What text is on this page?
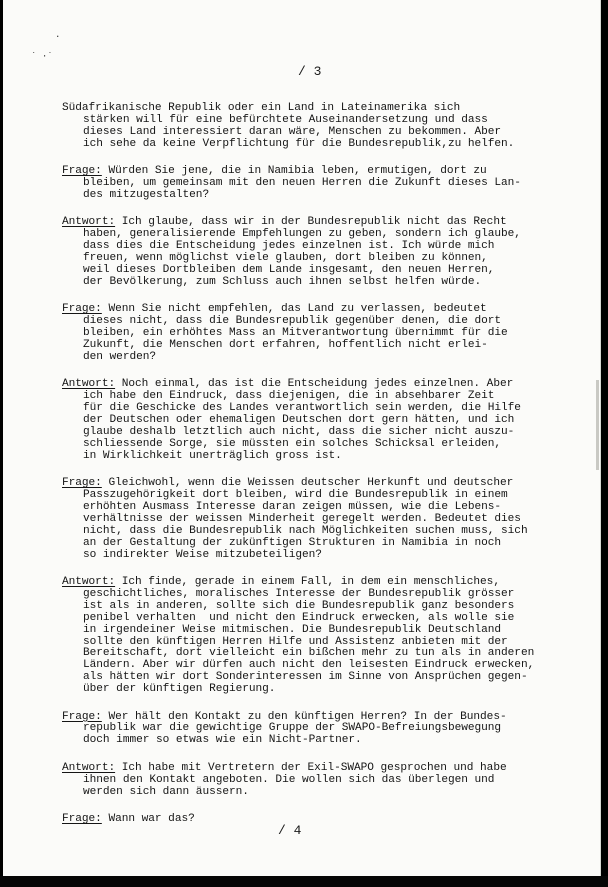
.
˙ ·˙
/ 3
Südafrikanische Republik oder ein Land in Lateinamerika sich
stärken will für eine befürchtete Auseinandersetzung und dass
dieses Land interessiert daran wäre, Menschen zu bekommen. Aber
ich sehe da keine Verpflichtung für die Bundesrepublik,zu helfen.
Frage: Würden Sie jene, die in Namibia leben, ermutigen, dort zu
bleiben, um gemeinsam mit den neuen Herren die Zukunft dieses Lan-
des mitzugestalten?
Antwort: Ich glaube, dass wir in der Bundesrepublik nicht das Recht
haben, generalisierende Empfehlungen zu geben, sondern ich glaube,
dass dies die Entscheidung jedes einzelnen ist. Ich würde mich
freuen, wenn möglichst viele glauben, dort bleiben zu können,
weil dieses Dortbleiben dem Lande insgesamt, den neuen Herren,
der Bevölkerung, zum Schluss auch ihnen selbst helfen würde.
Frage: Wenn Sie nicht empfehlen, das Land zu verlassen, bedeutet
dieses nicht, dass die Bundesrepublik gegenüber denen, die dort
bleiben, ein erhöhtes Mass an Mitverantwortung übernimmt für die
Zukunft, die Menschen dort erfahren, hoffentlich nicht erlei-
den werden?
Antwort: Noch einmal, das ist die Entscheidung jedes einzelnen. Aber
ich habe den Eindruck, dass diejenigen, die in absehbarer Zeit
für die Geschicke des Landes verantwortlich sein werden, die Hilfe
der Deutschen oder ehemaligen Deutschen dort gern hätten, und ich
glaube deshalb letztlich auch nicht, dass die sicher nicht auszu-
schliessende Sorge, sie müssten ein solches Schicksal erleiden,
in Wirklichkeit unerträglich gross ist.
Frage: Gleichwohl, wenn die Weissen deutscher Herkunft und deutscher
Passzugehörigkeit dort bleiben, wird die Bundesrepublik in einem
erhöhten Ausmass Interesse daran zeigen müssen, wie die Lebens-
verhältnisse der weissen Minderheit geregelt werden. Bedeutet dies
nicht, dass die Bundesrepublik nach Möglichkeiten suchen muss, sich
an der Gestaltung der zukünftigen Strukturen in Namibia in noch
so indirekter Weise mitzubeteiligen?
Antwort: Ich finde, gerade in einem Fall, in dem ein menschliches,
geschichtliches, moralisches Interesse der Bundesrepublik grösser
ist als in anderen, sollte sich die Bundesrepublik ganz besonders
penibel verhalten  und nicht den Eindruck erwecken, als wolle sie
in irgendeiner Weise mitmischen. Die Bundesrepublik Deutschland
sollte den künftigen Herren Hilfe und Assistenz anbieten mit der
Bereitschaft, dort vielleicht ein bißchen mehr zu tun als in anderen
Ländern. Aber wir dürfen auch nicht den leisesten Eindruck erwecken,
als hätten wir dort Sonderinteressen im Sinne von Ansprüchen gegen-
über der künftigen Regierung.
Frage: Wer hält den Kontakt zu den künftigen Herren? In der Bundes-
republik war die gewichtige Gruppe der SWAPO-Befreiungsbewegung
doch immer so etwas wie ein Nicht-Partner.
Antwort: Ich habe mit Vertretern der Exil-SWAPO gesprochen und habe
ihnen den Kontakt angeboten. Die wollen sich das überlegen und
werden sich dann äussern.
Frage: Wann war das?
/ 4
